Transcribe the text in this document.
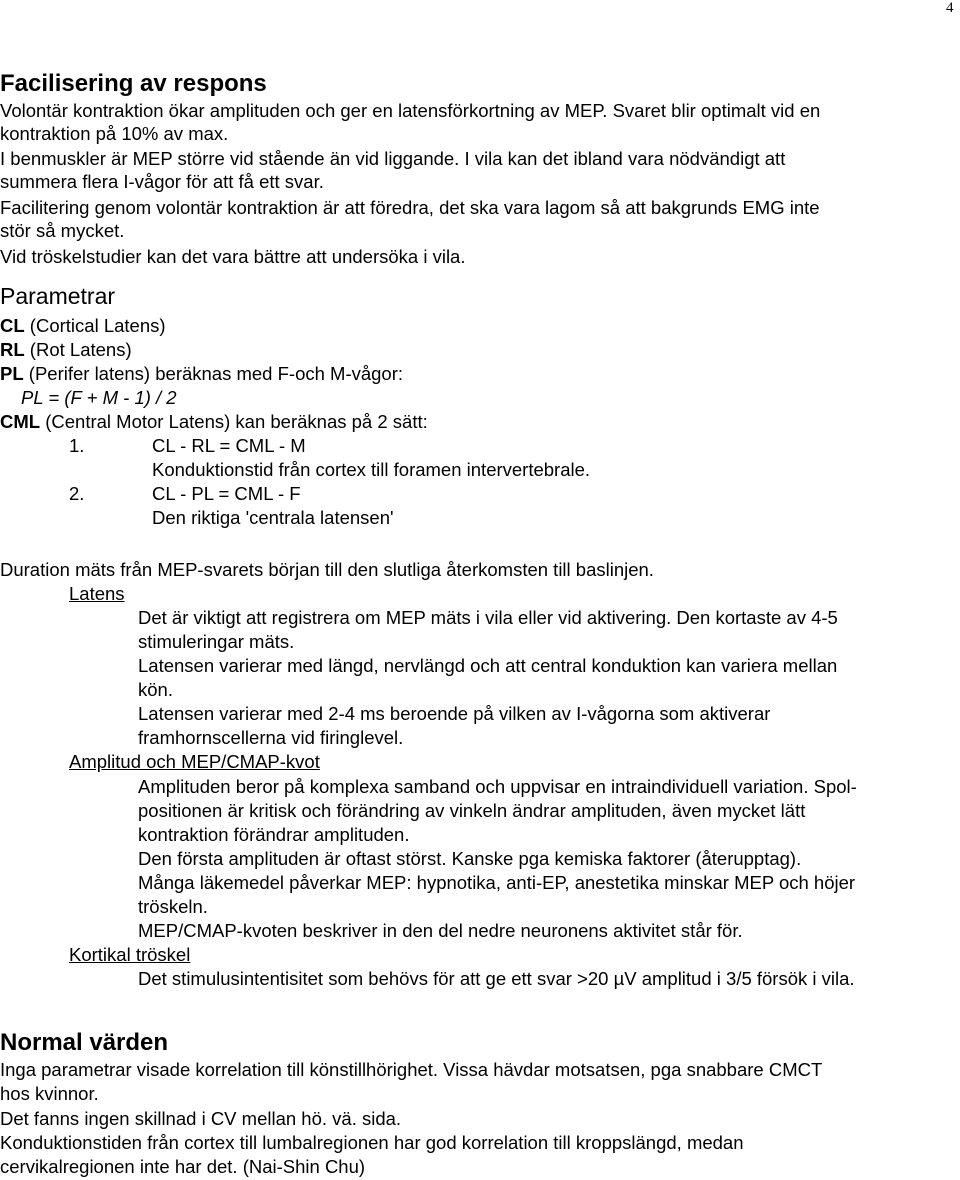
4
Facilisering av respons
Volontär kontraktion ökar amplituden och ger en latensförkortning av MEP. Svaret blir optimalt vid en
kontraktion på 10% av max.
I benmuskler är MEP större vid stående än vid liggande. I vila kan det ibland vara nödvändigt att
summera flera I-vågor för att få ett svar.
Facilitering genom volontär kontraktion är att föredra, det ska vara lagom så att bakgrunds EMG inte
stör så mycket.
Vid tröskelstudier kan det vara bättre att undersöka i vila.
Parametrar
CL (Cortical Latens)
RL (Rot Latens)
PL (Perifer latens) beräknas med F-och M-vågor:
PL = (F + M - 1) / 2
CML (Central Motor Latens) kan beräknas på 2 sätt:
1.	CL - RL = CML - M
Konduktionstid från cortex till foramen intervertebrale.
2.	CL - PL = CML - F
Den riktiga 'centrala latensen'
Duration mäts från MEP-svarets början till den slutliga återkomsten till baslinjen.
Latens
Det är viktigt att registrera om MEP mäts i vila eller vid aktivering. Den kortaste av 4-5
stimuleringar mäts.
Latensen varierar med längd, nervlängd och att central konduktion kan variera mellan
kön.
Latensen varierar med 2-4 ms beroende på vilken av I-vågorna som aktiverar
framhornscellerna vid firinglevel.
Amplitud och MEP/CMAP-kvot
Amplituden beror på komplexa samband och uppvisar en intraindividuell variation. Spol-
positionen är kritisk och förändring av vinkeln ändrar amplituden, även mycket lätt
kontraktion förändrar amplituden.
Den första amplituden är oftast störst. Kanske pga kemiska faktorer (återupptag).
Många läkemedel påverkar MEP: hypnotika, anti-EP, anestetika minskar MEP och höjer
tröskeln.
MEP/CMAP-kvoten beskriver in den del nedre neuronens aktivitet står för.
Kortikal tröskel
Det stimulusintentisitet som behövs för att ge ett svar >20 µV amplitud i 3/5 försök i vila.
Normal värden
Inga parametrar visade korrelation till könstillhörighet. Vissa hävdar motsatsen, pga snabbare CMCT
hos kvinnor.
Det fanns ingen skillnad i CV mellan hö. vä. sida.
Konduktionstiden från cortex till lumbalregionen har god korrelation till kroppslängd, medan
cervikalregionen inte har det. (Nai-Shin Chu)
